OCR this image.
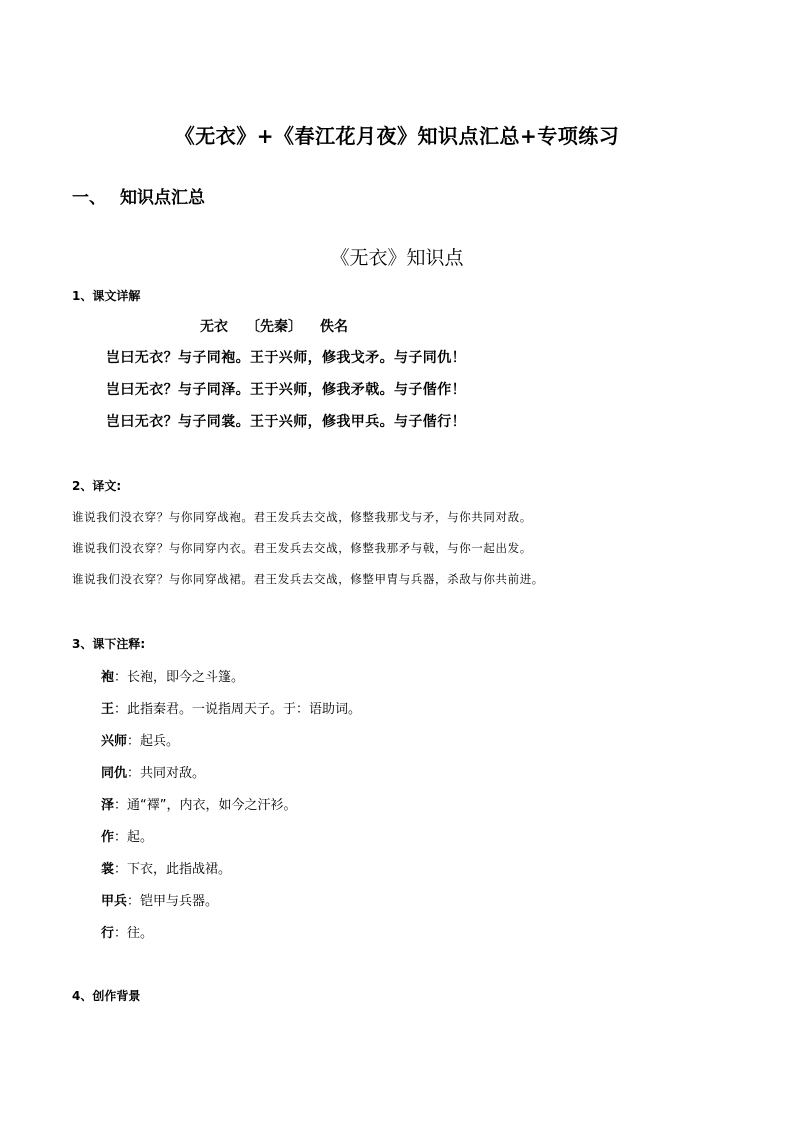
《无衣》+《春江花月夜》知识点汇总+专项练习
一、 知识点汇总
《无衣》知识点
1、课文详解
无衣 〔先秦〕 佚名
岂曰无衣？与子同袍。王于兴师，修我戈矛。与子同仇！
岂曰无衣？与子同泽。王于兴师，修我矛戟。与子偕作！
岂曰无衣？与子同裳。王于兴师，修我甲兵。与子偕行！
2、译文:
谁说我们没衣穿？与你同穿战袍。君王发兵去交战，修整我那戈与矛，与你共同对敌。
谁说我们没衣穿？与你同穿内衣。君王发兵去交战，修整我那矛与戟，与你一起出发。
谁说我们没衣穿？与你同穿战裙。君王发兵去交战，修整甲胄与兵器，杀敌与你共前进。
3、课下注释:
袍：长袍，即今之斗篷。
王：此指秦君。一说指周天子。于：语助词。
兴师：起兵。
同仇：共同对敌。
泽：通“襗”，内衣，如今之汗衫。
作：起。
裳：下衣，此指战裙。
甲兵：铠甲与兵器。
行：往。
4、创作背景
